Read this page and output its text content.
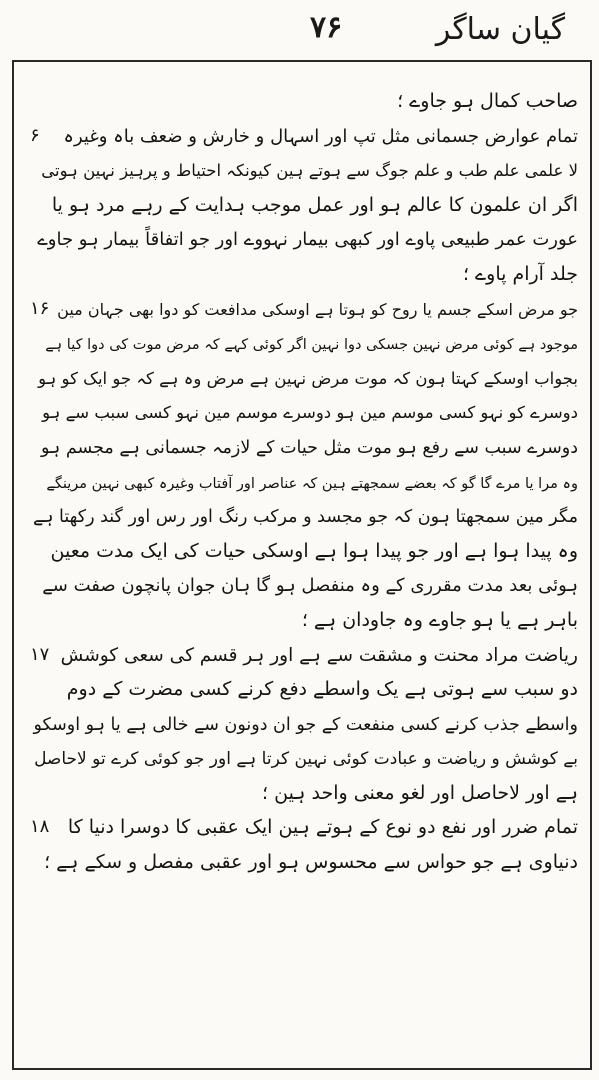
گیان ساگر
۷۶
صاحب کمال ہو جاوے ؛
۶ تمام عوارض جسمانی مثل تپ اور اسہال و خارش و ضعف باہ وغیرہ
لا علمی علم طب و علم جوگ سے ہوتے ہین کیونکہ احتیاط و پرہیز نہین ہوتی
اگر ان علمون کا عالم ہو اور عمل موجب ہدایت کے رہے مرد ہو یا
عورت عمر طبیعی پاوے اور کبھی بیمار نہووے اور جو اتفاقاً بیمار ہو جاوے
جلد آرام پاوے ؛
۱۶ جو مرض اسکے جسم یا روح کو ہوتا ہے اوسکی مدافعت کو دوا بھی جہان مین
موجود ہے کوئی مرض نہین جسکی دوا نہین اگر کوئی کہے کہ مرض موت کی دوا کیا ہے
بجواب اوسکے کہتا ہون کہ موت مرض نہین ہے مرض وہ ہے کہ جو ایک کو ہو
دوسرے کو نہو کسی موسم مین ہو دوسرے موسم مین نہو کسی سبب سے ہو
دوسرے سبب سے رفع ہو موت مثل حیات کے لازمہ جسمانی ہے مجسم ہو
وہ مرا یا مرے گا گو کہ بعضے سمجھتے ہین کہ عناصر اور آفتاب وغیرہ کبھی نہین مرینگے
مگر مین سمجھتا ہون کہ جو مجسد و مرکب رنگ اور رس اور گند رکھتا ہے
وہ پیدا ہوا ہے اور جو پیدا ہوا ہے اوسکی حیات کی ایک مدت معین
ہوئی بعد مدت مقرری کے وہ منفصل ہو گا ہان جوان پانچون صفت سے
باہر ہے یا ہو جاوے وہ جاودان ہے ؛
۱۷ ریاضت مراد محنت و مشقت سے ہے اور ہر قسم کی سعی کوشش
دو سبب سے ہوتی ہے یک واسطے دفع کرنے کسی مضرت کے دوم
واسطے جذب کرنے کسی منفعت کے جو ان دونون سے خالی ہے یا ہو اوسکو
بے کوشش و ریاضت و عبادت کوئی نہین کرتا ہے اور جو کوئی کرے تو لاحاصل
ہے اور لاحاصل اور لغو معنی واحد ہین ؛
۱۸ تمام ضرر اور نفع دو نوع کے ہوتے ہین ایک عقبی کا دوسرا دنیا کا
دنیاوی ہے جو حواس سے محسوس ہو اور عقبی مفصل و سکے ہے ؛
